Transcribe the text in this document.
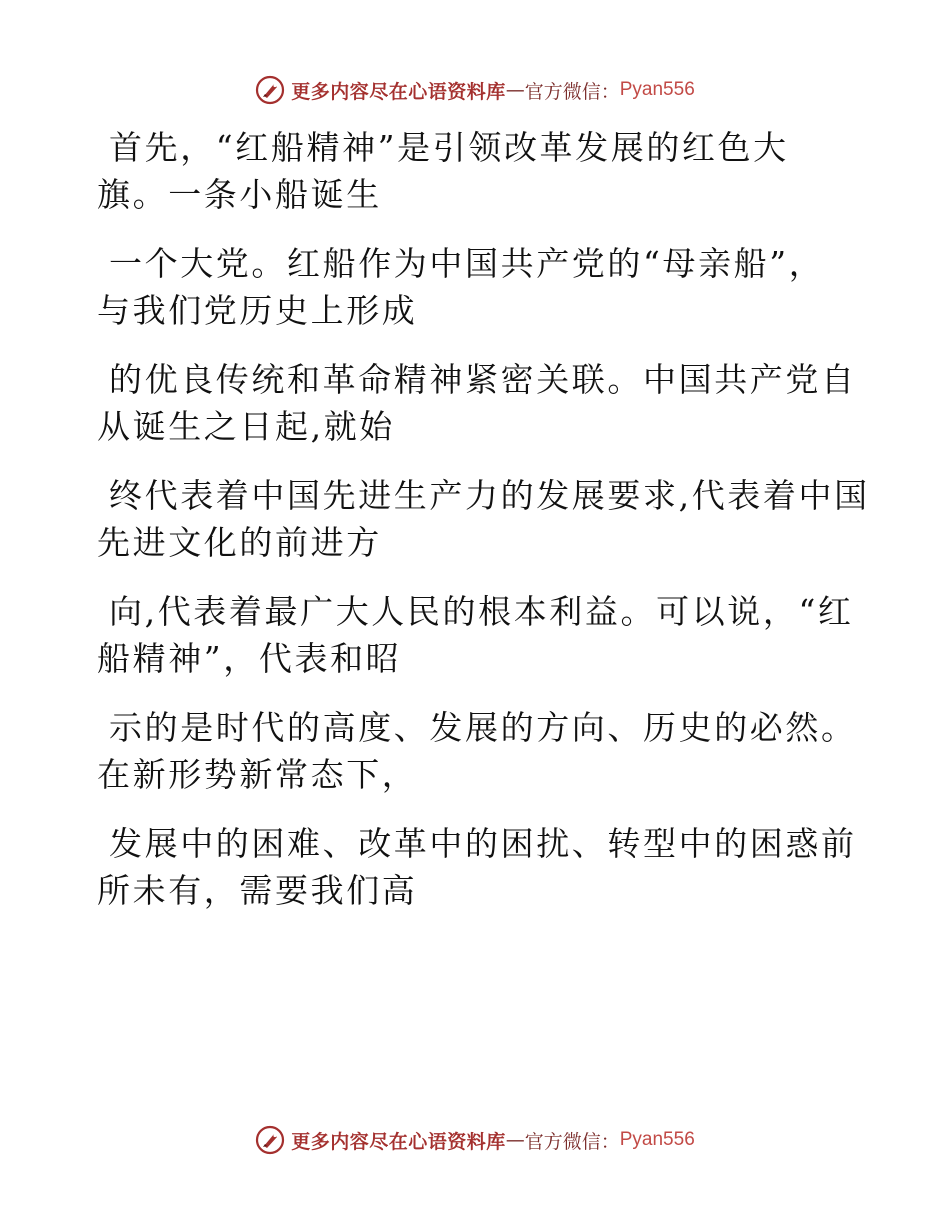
更多内容尽在心语资料库 — 官方微信： Pyan556

首先，“红船精神”是引领改革发展的红色大
旗。一条小船诞生

一个大党。红船作为中国共产党的“母亲船”，
与我们党历史上形成

的优良传统和革命精神紧密关联。中国共产党自
从诞生之日起,就始

终代表着中国先进生产力的发展要求,代表着中国
先进文化的前进方

向,代表着最广大人民的根本利益。可以说，“红
船精神”，代表和昭

示的是时代的高度、发展的方向、历史的必然。
在新形势新常态下，

发展中的困难、改革中的困扰、转型中的困惑前
所未有，需要我们高

更多内容尽在心语资料库 — 官方微信： Pyan556
